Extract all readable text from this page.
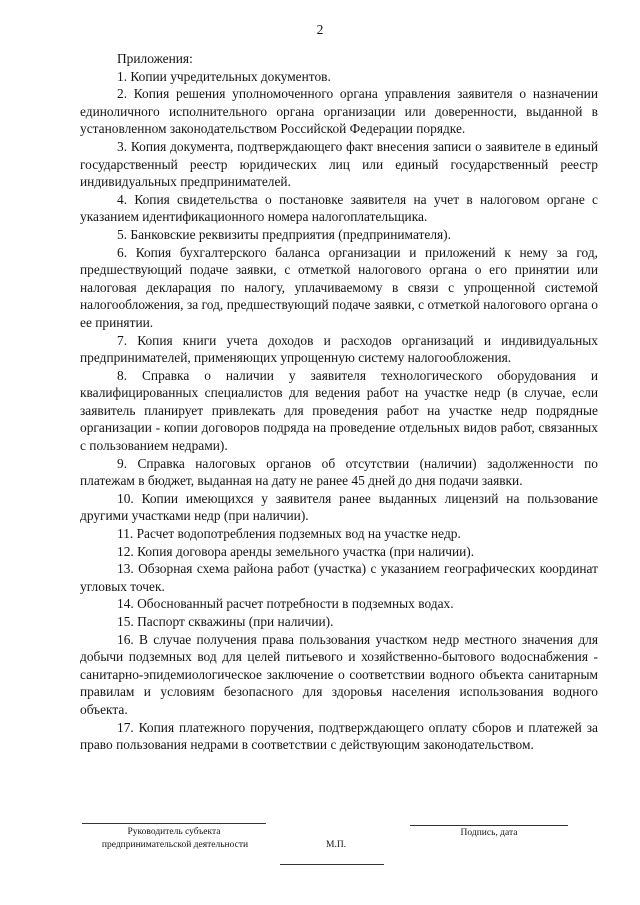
2

Приложения:

1. Копии учредительных документов.

2. Копия решения уполномоченного органа управления заявителя о назначении единоличного исполнительного органа организации или доверенности, выданной в установленном законодательством Российской Федерации порядке.

3. Копия документа, подтверждающего факт внесения записи о заявителе в единый государственный реестр юридических лиц или единый государственный реестр индивидуальных предпринимателей.

4. Копия свидетельства о постановке заявителя на учет в налоговом органе с указанием идентификационного номера налогоплательщика.

5. Банковские реквизиты предприятия (предпринимателя).

6. Копия бухгалтерского баланса организации и приложений к нему за год, предшествующий подаче заявки, с отметкой налогового органа о его принятии или налоговая декларация по налогу, уплачиваемому в связи с упрощенной системой налогообложения, за год, предшествующий подаче заявки, с отметкой налогового органа о ее принятии.

7. Копия книги учета доходов и расходов организаций и индивидуальных предпринимателей, применяющих упрощенную систему налогообложения.

8. Справка о наличии у заявителя технологического оборудования и квалифицированных специалистов для ведения работ на участке недр (в случае, если заявитель планирует привлекать для проведения работ на участке недр подрядные организации - копии договоров подряда на проведение отдельных видов работ, связанных с пользованием недрами).

9. Справка налоговых органов об отсутствии (наличии) задолженности по платежам в бюджет, выданная на дату не ранее 45 дней до дня подачи заявки.

10. Копии имеющихся у заявителя ранее выданных лицензий на пользование другими участками недр (при наличии).

11. Расчет водопотребления подземных вод на участке недр.

12. Копия договора аренды земельного участка (при наличии).

13. Обзорная схема района работ (участка) с указанием географических координат угловых точек.

14. Обоснованный расчет потребности в подземных водах.

15. Паспорт скважины (при наличии).

16. В случае получения права пользования участком недр местного значения для добычи подземных вод для целей питьевого и хозяйственно-бытового водоснабжения - санитарно-эпидемиологическое заключение о соответствии водного объекта санитарным правилам и условиям безопасного для здоровья населения использования водного объекта.

17. Копия платежного поручения, подтверждающего оплату сборов и платежей за право пользования недрами в соответствии с действующим законодательством.

Руководитель субъекта
предпринимательской деятельности	М.П.
Подпись, дата
